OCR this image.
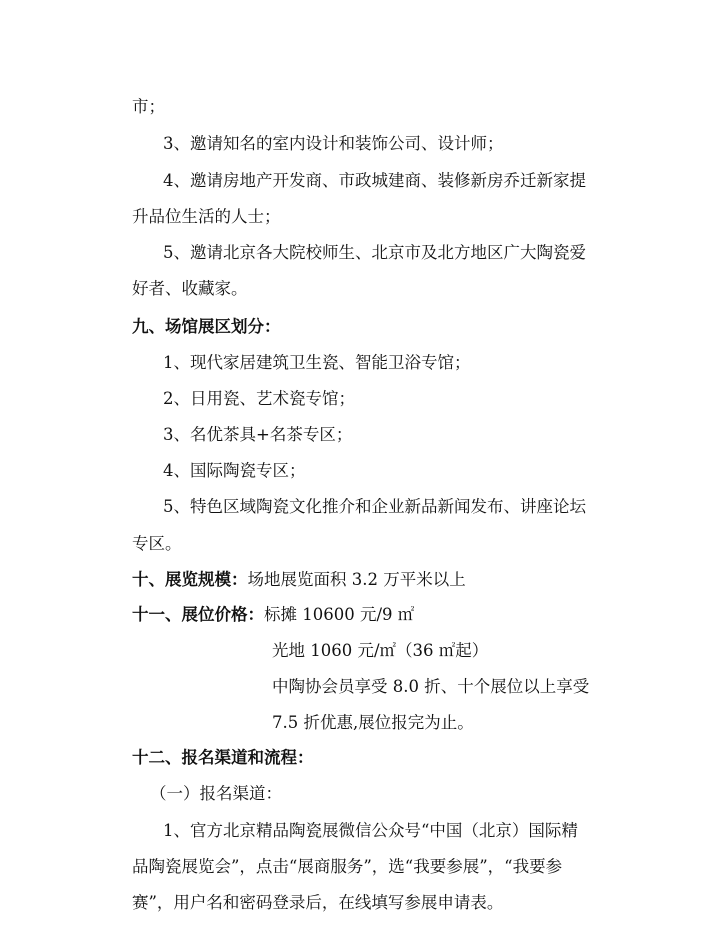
市；
3、邀请知名的室内设计和装饰公司、设计师；
4、邀请房地产开发商、市政城建商、装修新房乔迁新家提
升品位生活的人士；
5、邀请北京各大院校师生、北京市及北方地区广大陶瓷爱
好者、收藏家。
九、场馆展区划分：
1、现代家居建筑卫生瓷、智能卫浴专馆；
2、日用瓷、艺术瓷专馆；
3、名优茶具+名茶专区；
4、国际陶瓷专区；
5、特色区域陶瓷文化推介和企业新品新闻发布、讲座论坛
专区。
十、展览规模：场地展览面积 3.2 万平米以上
十一、展位价格：标摊 10600 元/9 ㎡
光地 1060 元/㎡（36 ㎡起）
中陶协会员享受 8.0 折、十个展位以上享受
7.5 折优惠,展位报完为止。
十二、报名渠道和流程：
（一）报名渠道：
1、官方北京精品陶瓷展微信公众号“中国（北京）国际精
品陶瓷展览会”，点击“展商服务”，选“我要参展”，“我要参
赛”，用户名和密码登录后，在线填写参展申请表。
